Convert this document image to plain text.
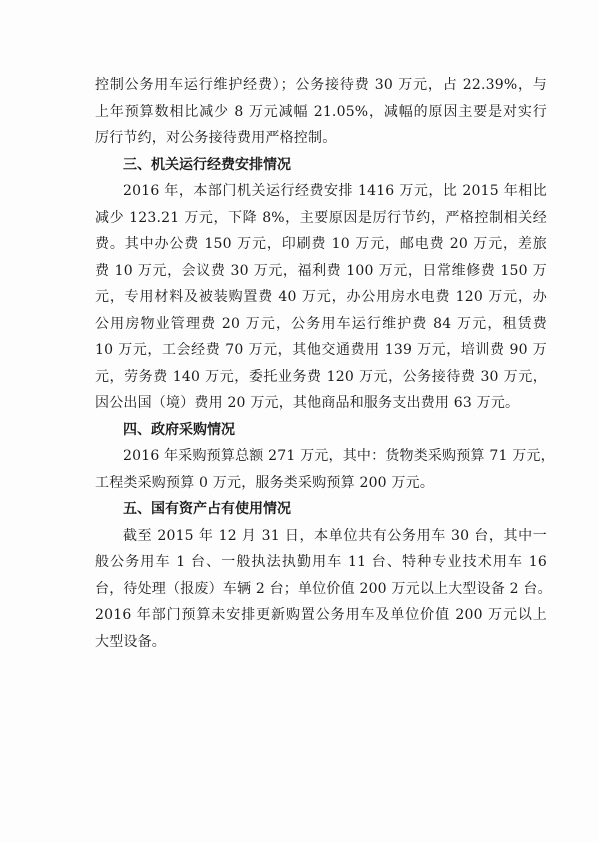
控制公务用车运行维护经费）；公务接待费 30 万元，占 22.39%，与
上年预算数相比减少 8 万元减幅 21.05%，减幅的原因主要是对实行
厉行节约，对公务接待费用严格控制。
三、机关运行经费安排情况
2016 年，本部门机关运行经费安排 1416 万元，比 2015 年相比
减少 123.21 万元，下降 8%，主要原因是厉行节约，严格控制相关经
费。其中办公费 150 万元，印刷费 10 万元，邮电费 20 万元，差旅
费 10 万元，会议费 30 万元，福利费 100 万元，日常维修费 150 万
元，专用材料及被装购置费 40 万元，办公用房水电费 120 万元，办
公用房物业管理费 20 万元，公务用车运行维护费 84 万元，租赁费
10 万元，工会经费 70 万元，其他交通费用 139 万元，培训费 90 万
元，劳务费 140 万元，委托业务费 120 万元，公务接待费 30 万元，
因公出国（境）费用 20 万元，其他商品和服务支出费用 63 万元。
四、政府采购情况
2016 年采购预算总额 271 万元，其中：货物类采购预算 71 万元，
工程类采购预算 0 万元，服务类采购预算 200 万元。
五、国有资产占有使用情况
截至 2015 年 12 月 31 日，本单位共有公务用车 30 台，其中一
般公务用车 1 台、一般执法执勤用车 11 台、特种专业技术用车 16
台，待处理（报废）车辆 2 台；单位价值 200 万元以上大型设备 2 台。
2016 年部门预算未安排更新购置公务用车及单位价值 200 万元以上
大型设备。
